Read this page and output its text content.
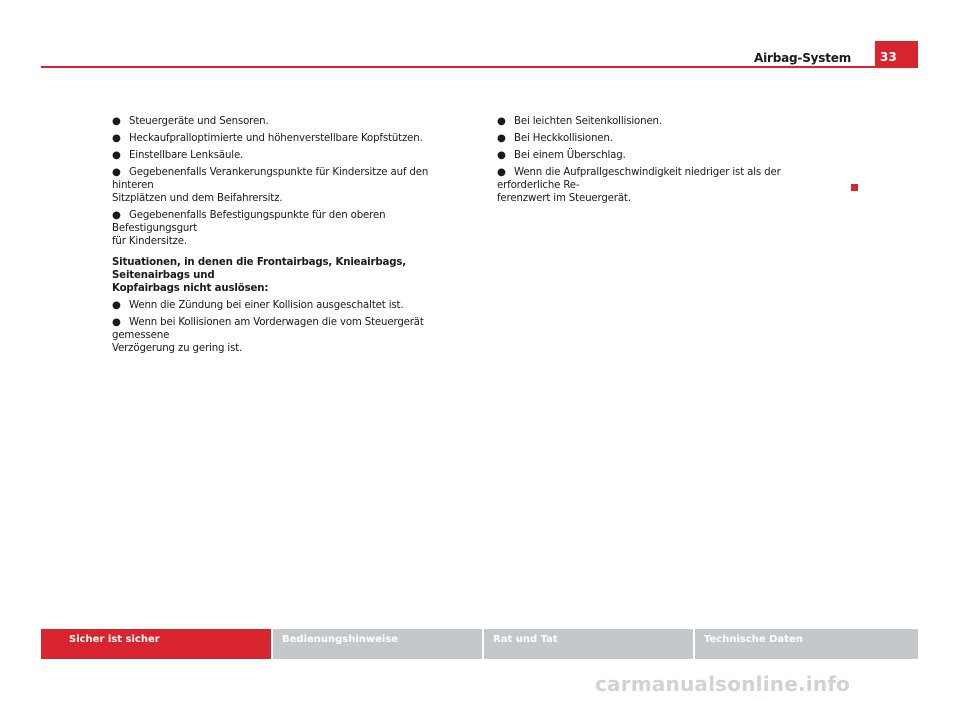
33
Airbag-System

● Steuergeräte und Sensoren.

● Heckaufpralloptimierte und höhenverstellbare Kopfstützen.

● Einstellbare Lenksäule.

● Gegebenenfalls Verankerungspunkte für Kindersitze auf den hinteren
Sitzplätzen und dem Beifahrersitz.

● Gegebenenfalls Befestigungspunkte für den oberen Befestigungsgurt
für Kindersitze.

Situationen, in denen die Frontairbags, Knieairbags, Seitenairbags und
Kopfairbags nicht auslösen:

● Wenn die Zündung bei einer Kollision ausgeschaltet ist.

● Wenn bei Kollisionen am Vorderwagen die vom Steuergerät gemessene
Verzögerung zu gering ist.

● Bei leichten Seitenkollisionen.

● Bei Heckkollisionen.

● Bei einem Überschlag.

● Wenn die Aufprallgeschwindigkeit niedriger ist als der erforderliche Re-
ferenzwert im Steuergerät.

Sicher ist sicher	Bedienungshinweise	Rat und Tat	Technische Daten
carmanualsonline.info
